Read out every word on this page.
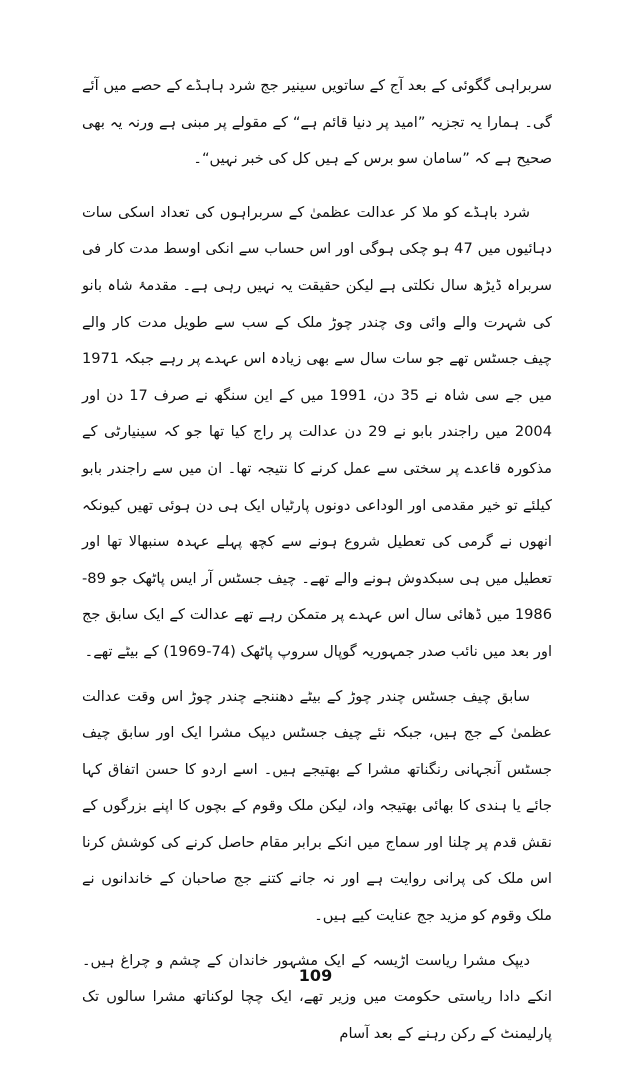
سربراہی گگوئی کے بعد آج کے ساتویں سینیر جج شرد ہاہڈے کے حصے میں آئے گی۔ ہمارا یہ تجزیہ ”امید پر دنیا قائم ہے“ کے مقولے پر مبنی ہے ورنہ یہ بھی صحیح ہے کہ ”سامان سو برس کے ہیں کل کی خبر نہیں“۔

شرد باہڈے کو ملا کر عدالت عظمیٰ کے سربراہوں کی تعداد اسکی سات دہائیوں میں 47 ہو چکی ہوگی اور اس حساب سے انکی اوسط مدت کار فی سربراہ ڈیڑھ سال نکلتی ہے لیکن حقیقت یہ نہیں رہی ہے۔ مقدمۂ شاہ بانو کی شہرت والے وائی وی چندر چوڑ ملک کے سب سے طویل مدت کار والے چیف جسٹس تھے جو سات سال سے بھی زیادہ اس عہدے پر رہے جبکہ 1971 میں جے سی شاہ نے 35 دن، 1991 میں کے این سنگھ نے صرف 17 دن اور 2004 میں راجندر بابو نے 29 دن عدالت پر راج کیا تھا جو کہ سینیارٹی کے مذکورہ قاعدے پر سختی سے عمل کرنے کا نتیجہ تھا۔ ان میں سے راجندر بابو کیلئے تو خیر مقدمی اور الوداعی دونوں پارٹیاں ایک ہی دن ہوئی تھیں کیونکہ انھوں نے گرمی کی تعطیل شروع ہونے سے کچھ پہلے عہدہ سنبھالا تھا اور تعطیل میں ہی سبکدوش ہونے والے تھے۔ چیف جسٹس آر ایس پاٹھک جو 89-1986 میں ڈھائی سال اس عہدے پر متمکن رہے تھے عدالت کے ایک سابق جج اور بعد میں نائب صدر جمہوریہ گوپال سروپ پاٹھک (74-1969) کے بیٹے تھے۔

سابق چیف جسٹس چندر چوڑ کے بیٹے دھننجے چندر چوڑ اس وقت عدالت عظمیٰ کے جج ہیں، جبکہ نئے چیف جسٹس دیپک مشرا ایک اور سابق چیف جسٹس آنجہانی رنگناتھ مشرا کے بھتیجے ہیں۔ اسے اردو کا حسن اتفاق کہا جائے یا ہندی کا بھائی بھتیجہ واد، لیکن ملک وقوم کے بچوں کا اپنے بزرگوں کے نقش قدم پر چلنا اور سماج میں انکے برابر مقام حاصل کرنے کی کوشش کرنا اس ملک کی پرانی روایت ہے اور نہ جانے کتنے جج صاحبان کے خاندانوں نے ملک وقوم کو مزید جج عنایت کیے ہیں۔

دیپک مشرا ریاست اڑیسہ کے ایک مشہور خاندان کے چشم و چراغ ہیں۔ انکے دادا ریاستی حکومت میں وزیر تھے، ایک چچا لوکناتھ مشرا سالوں تک پارلیمنٹ کے رکن رہنے کے بعد آسام

109
